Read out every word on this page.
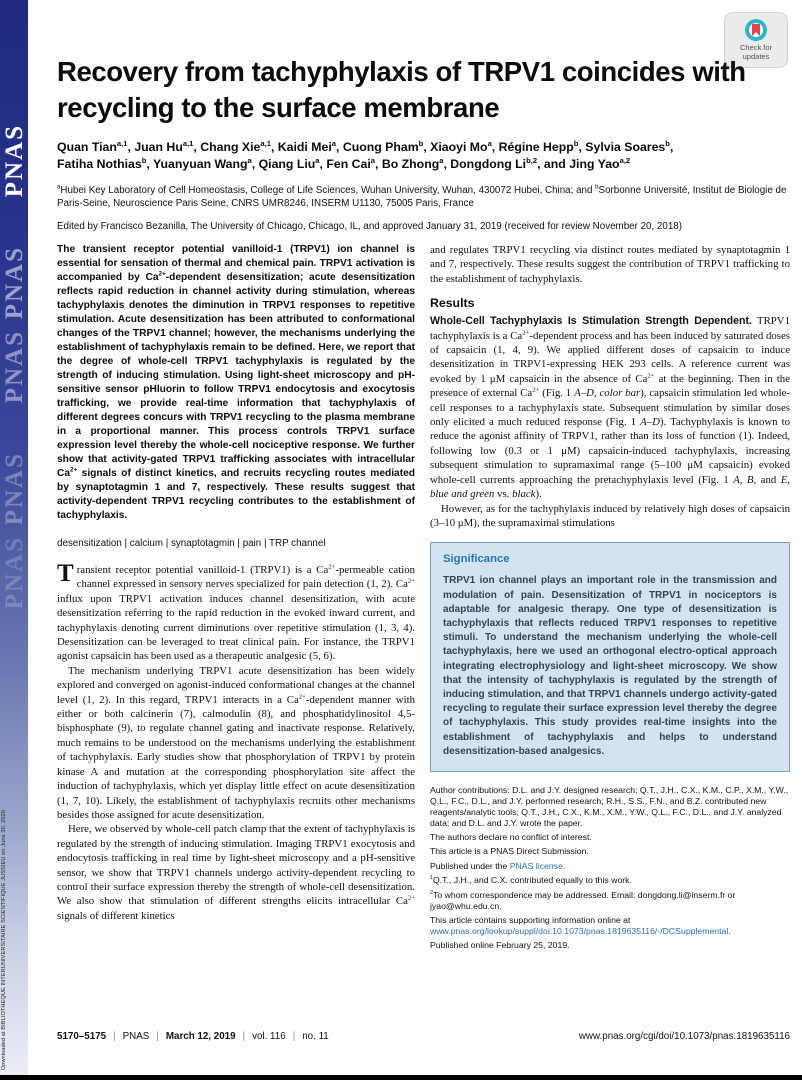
PNAS
PNAS
PNAS
PNAS
PNAS
Downloaded at BIBLIOTHEQUE INTERUNIVERSITAIRE SCIENTIFIQUE JUSSIEU on June 30, 2020
Check for
updates
Recovery from tachyphylaxis of TRPV1 coincides with recycling to the surface membrane
Quan Tian$^{a,1}$, Juan Hu$^{a,1}$, Chang Xie$^{a,1}$, Kaidi Mei$^a$, Cuong Pham$^b$, Xiaoyi Mo$^a$, Régine Hepp$^b$, Sylvia Soares$^b$,
Fatiha Nothias$^b$, Yuanyuan Wang$^a$, Qiang Liu$^a$, Fen Cai$^a$, Bo Zhong$^a$, Dongdong Li$^{b,2}$, and Jing Yao$^{a,2}$
$^a$Hubei Key Laboratory of Cell Homeostasis, College of Life Sciences, Wuhan University, Wuhan, 430072 Hubei, China; and $^b$Sorbonne Université, Institut de Biologie de Paris-Seine, Neuroscience Paris Seine, CNRS UMR8246, INSERM U1130, 75005 Paris, France
Edited by Francisco Bezanilla, The University of Chicago, Chicago, IL, and approved January 31, 2019 (received for review November 20, 2018)

The transient receptor potential vanilloid-1 (TRPV1) ion channel is essential for sensation of thermal and chemical pain. TRPV1 activation is accompanied by $Ca^{2+}$-dependent desensitization; acute desensitization reflects rapid reduction in channel activity during stimulation, whereas tachyphylaxis denotes the diminution in TRPV1 responses to repetitive stimulation. Acute desensitization has been attributed to conformational changes of the TRPV1 channel; however, the mechanisms underlying the establishment of tachyphylaxis remain to be defined. Here, we report that the degree of whole-cell TRPV1 tachyphylaxis is regulated by the strength of inducing stimulation. Using light-sheet microscopy and pH-sensitive sensor pHluorin to follow TRPV1 endocytosis and exocytosis trafficking, we provide real-time information that tachyphylaxis of different degrees concurs with TRPV1 recycling to the plasma membrane in a proportional manner. This process controls TRPV1 surface expression level thereby the whole-cell nociceptive response. We further show that activity-gated TRPV1 trafficking associates with intracellular $Ca^{2+}$ signals of distinct kinetics, and recruits recycling routes mediated by synaptotagmin 1 and 7, respectively. These results suggest that activity-dependent TRPV1 recycling contributes to the establishment of tachyphylaxis.

desensitization | calcium | synaptotagmin | pain | TRP channel

Transient receptor potential vanilloid-1 (TRPV1) is a $Ca^{2+}$-permeable cation channel expressed in sensory nerves specialized for pain detection (1, 2). $Ca^{2+}$ influx upon TRPV1 activation induces channel desensitization, with acute desensitization referring to the rapid reduction in the evoked inward current, and tachyphylaxis denoting current diminutions over repetitive stimulation (1, 3, 4). Desensitization can be leveraged to treat clinical pain. For instance, the TRPV1 agonist capsaicin has been used as a therapeutic analgesic (5, 6).

The mechanism underlying TRPV1 acute desensitization has been widely explored and converged on agonist-induced conformational changes at the channel level (1, 2). In this regard, TRPV1 interacts in a $Ca^{2+}$-dependent manner with either or both calcinerin (7), calmodulin (8), and phosphatidylinositol 4,5-bisphosphate (9), to regulate channel gating and inactivate response. Relatively, much remains to be understood on the mechanisms underlying the establishment of tachyphylaxis. Early studies show that phosphorylation of TRPV1 by protein kinase A and mutation at the corresponding phosphorylation site affect the induction of tachyphylaxis, which yet display little effect on acute desensitization (1, 7, 10). Likely, the establishment of tachyphylaxis recruits other mechanisms besides those assigned for acute desensitization.

Here, we observed by whole-cell patch clamp that the extent of tachyphylaxis is regulated by the strength of inducing stimulation. Imaging TRPV1 exocytosis and endocytosis trafficking in real time by light-sheet microscopy and a pH-sensitive sensor, we show that TRPV1 channels undergo activity-dependent recycling to control their surface expression thereby the strength of whole-cell desensitization. We also show that stimulation of different strengths elicits intracellular $Ca^{2+}$ signals of different kinetics

and regulates TRPV1 recycling via distinct routes mediated by synaptotagmin 1 and 7, respectively. These results suggest the contribution of TRPV1 trafficking to the establishment of tachyphylaxis.

Results

Whole-Cell Tachyphylaxis Is Stimulation Strength Dependent. TRPV1 tachyphylaxis is a $Ca^{2+}$-dependent process and has been induced by saturated doses of capsaicin (1, 4, 9). We applied different doses of capsaicin to induce desensitization in TRPV1-expressing HEK 293 cells. A reference current was evoked by 1 μM capsaicin in the absence of $Ca^{2+}$ at the beginning. Then in the presence of external $Ca^{2+}$ (Fig. 1 A–D, color bar), capsaicin stimulation led whole-cell responses to a tachyphylaxis state. Subsequent stimulation by similar doses only elicited a much reduced response (Fig. 1 A–D). Tachyphylaxis is known to reduce the agonist affinity of TRPV1, rather than its loss of function (1). Indeed, following low (0.3 or 1 μM) capsaicin-induced tachyphylaxis, increasing subsequent stimulation to supramaximal range (5–100 μM capsaicin) evoked whole-cell currents approaching the pretachyphylaxis level (Fig. 1 A, B, and E, blue and green vs. black).

However, as for the tachyphylaxis induced by relatively high doses of capsaicin (3–10 μM), the supramaximal stimulations

Significance

TRPV1 ion channel plays an important role in the transmission and modulation of pain. Desensitization of TRPV1 in nociceptors is adaptable for analgesic therapy. One type of desensitization is tachyphylaxis that reflects reduced TRPV1 responses to repetitive stimuli. To understand the mechanism underlying the whole-cell tachyphylaxis, here we used an orthogonal electro-optical approach integrating electrophysiology and light-sheet microscopy. We show that the intensity of tachyphylaxis is regulated by the strength of inducing stimulation, and that TRPV1 channels undergo activity-gated recycling to regulate their surface expression level thereby the degree of tachyphylaxis. This study provides real-time insights into the establishment of tachyphylaxis and helps to understand desensitization-based analgesics.

Author contributions: D.L. and J.Y. designed research; Q.T., J.H., C.X., K.M., C.P., X.M., Y.W., Q.L., F.C., D.L., and J.Y. performed research; R.H., S.S., F.N., and B.Z. contributed new reagents/analytic tools; Q.T., J.H., C.X., K.M., X.M., Y.W., Q.L., F.C., D.L., and J.Y. analyzed data; and D.L. and J.Y. wrote the paper.

The authors declare no conflict of interest.

This article is a PNAS Direct Submission.

Published under the PNAS license.

$^1$Q.T., J.H., and C.X. contributed equally to this work.

$^2$To whom correspondence may be addressed. Email: dongdong.li@inserm.fr or jyao@whu.edu.cn.

This article contains supporting information online at www.pnas.org/lookup/suppl/doi:10.1073/pnas.1819635116/-/DCSupplemental.

Published online February 25, 2019.

5170–5175 | PNAS | March 12, 2019 | vol. 116 | no. 11	www.pnas.org/cgi/doi/10.1073/pnas.1819635116
